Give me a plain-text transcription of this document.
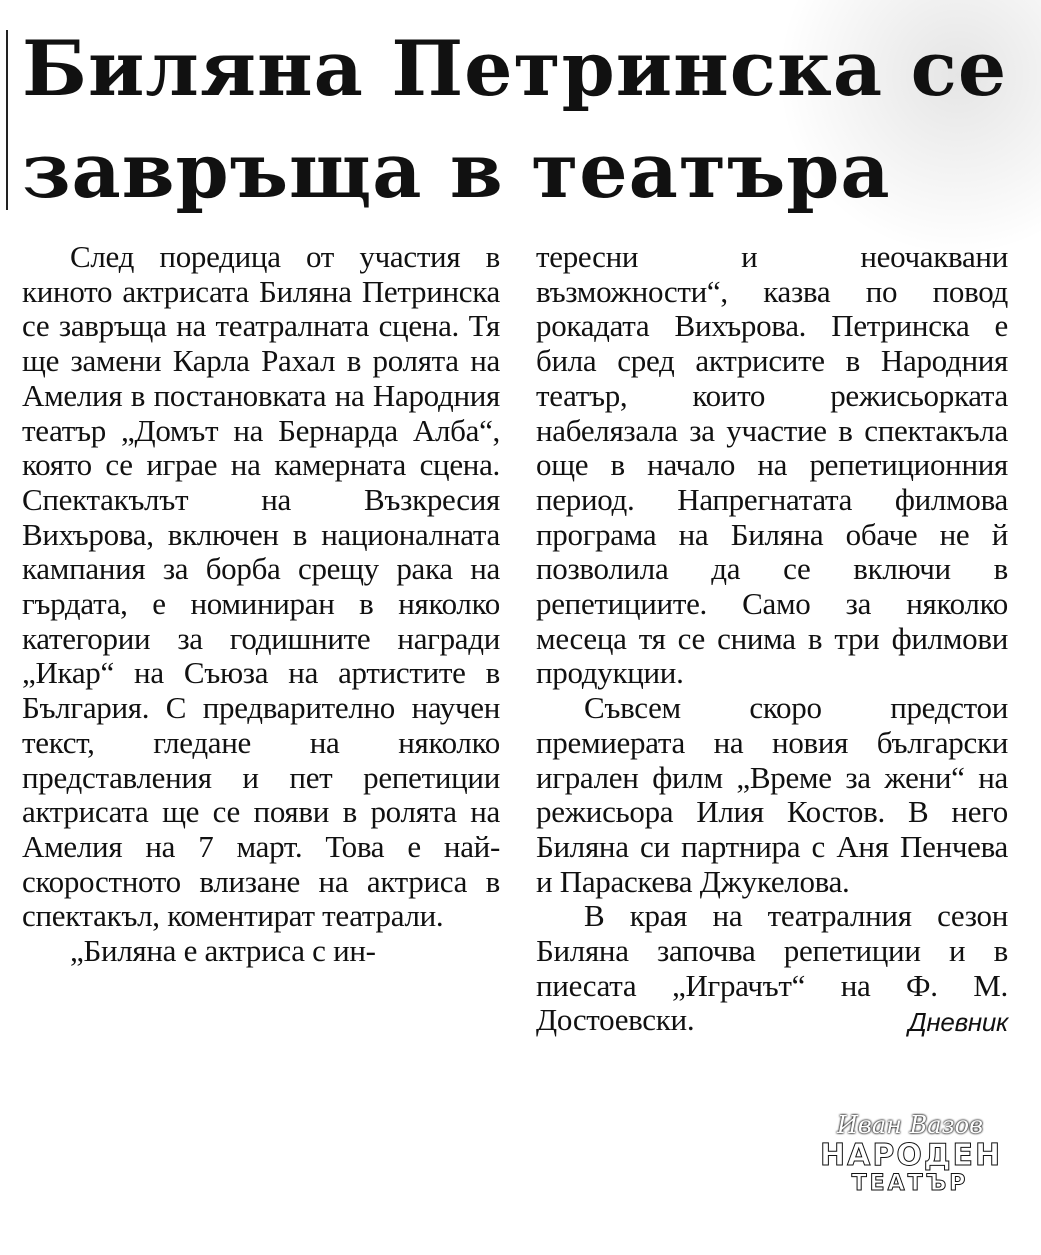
Биляна Петринска се
завръща в театъра

След поредица от участия в киното актрисата Биляна Петринска се завръща на театралната сцена. Тя ще замени Карла Рахал в ролята на Амелия в постановката на Народния театър „Домът на Бернарда Алба“, която се играе на камерната сцена. Спектакълът на Възкресия Вихърова, включен в националната кампания за борба срещу рака на гърдата, е номиниран в няколко категории за годишните награди „Икар“ на Съюза на артистите в България. С предварително научен текст, гледане на няколко представления и пет репетиции актрисата ще се появи в ролята на Амелия на 7 март. Това е най-скоростното влизане на актриса в спектакъл, коментират театрали.

„Биляна е актриса с ин-

тересни и неочаквани възможности“, казва по повод рокадата Вихърова. Петринска е била сред актрисите в Народния театър, които режисьорката набелязала за участие в спектакъла още в начало на репетиционния период. Напрегнатата филмова програма на Биляна обаче не й позволила да се включи в репетициите. Само за няколко месеца тя се снима в три филмови продукции.

Съвсем скоро предстои премиерата на новия български игрален филм „Време за жени“ на режисьора Илия Костов. В него Биляна си партнира с Аня Пенчева и Параскева Джукелова.

В края на театралния сезон Биляна започва репетиции и в пиесата „Играчът“ на Ф. М. Достоевски.	Дневник

Иван Вазов
НАРОДЕН
ТЕАТЪР
